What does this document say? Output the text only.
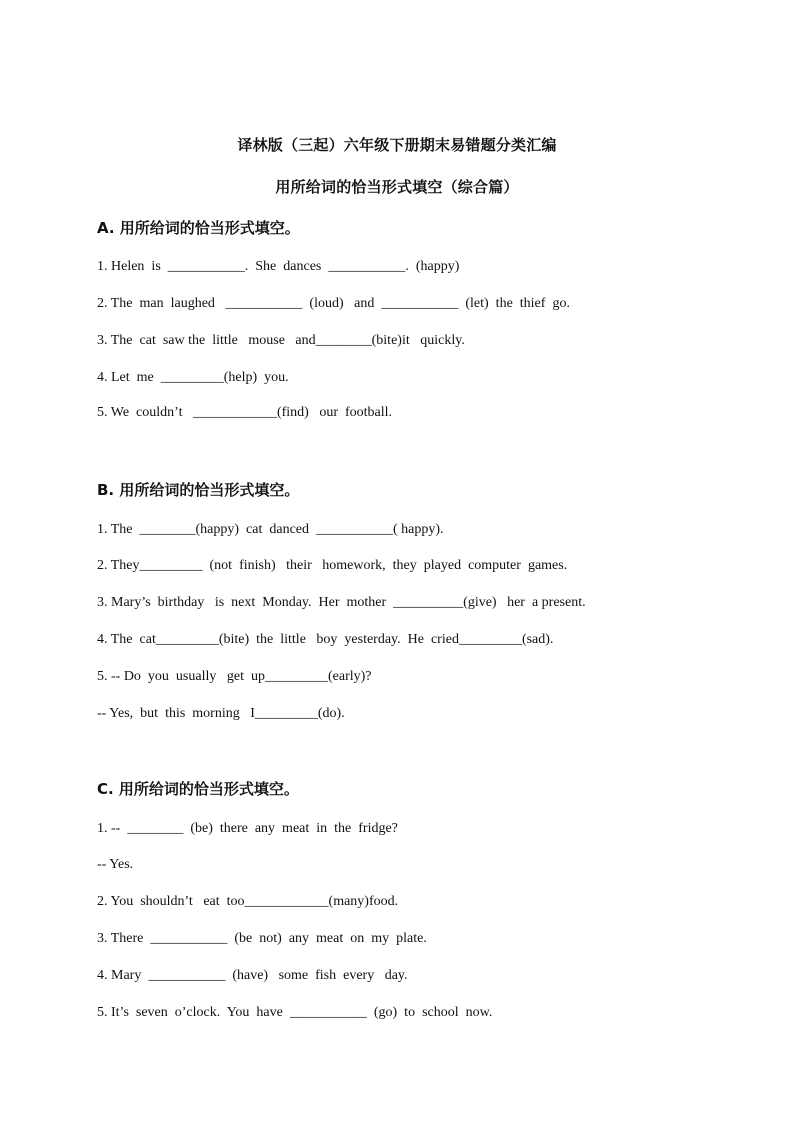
译林版（三起）六年级下册期末易错题分类汇编
用所给词的恰当形式填空（综合篇）
A. 用所给词的恰当形式填空。
1. Helen  is  ___________.  She  dances  ___________.  (happy)
2. The  man  laughed   ___________  (loud)   and  ___________  (let)  the  thief  go.
3. The  cat  saw the  little   mouse   and________(bite)it   quickly.
4. Let  me  _________(help)  you.
5. We  couldn’t   ____________(find)   our  football.
B. 用所给词的恰当形式填空。
1. The  ________(happy)  cat  danced  ___________( happy).
2. They_________  (not  finish)   their   homework,  they  played  computer  games.
3. Mary’s  birthday   is  next  Monday.  Her  mother  __________(give)   her  a present.
4. The  cat_________(bite)  the  little   boy  yesterday.  He  cried_________(sad).
5. -- Do  you  usually   get  up_________(early)?
-- Yes,  but  this  morning   I_________(do).
C. 用所给词的恰当形式填空。
1. --  ________  (be)  there  any  meat  in  the  fridge?
-- Yes.
2. You  shouldn’t   eat  too____________(many)food.
3. There  ___________  (be  not)  any  meat  on  my  plate.
4. Mary  ___________  (have)   some  fish  every   day.
5. It’s  seven  o’clock.  You  have  ___________  (go)  to  school  now.
